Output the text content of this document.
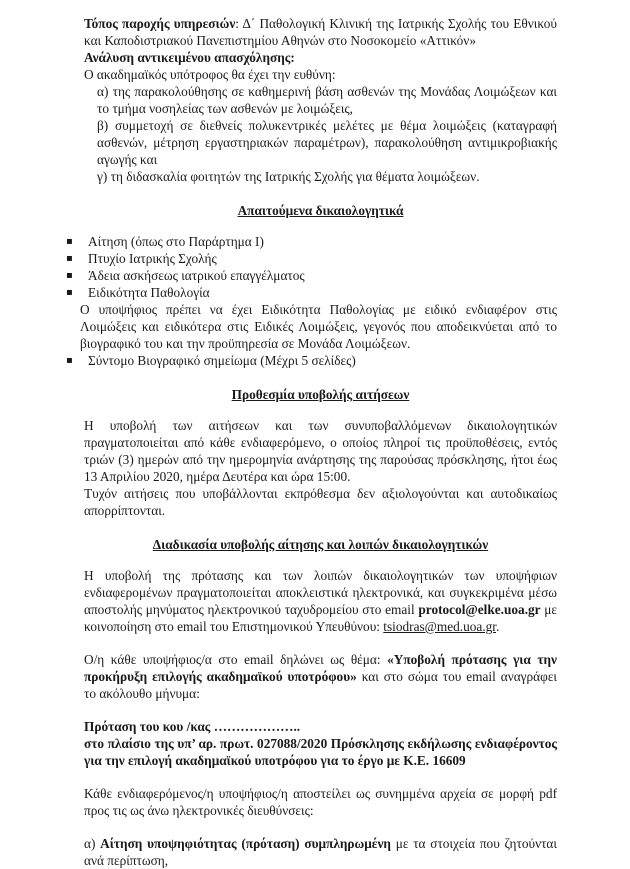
Τόπος παροχής υπηρεσιών: Δ΄ Παθολογική Κλινική της Ιατρικής Σχολής του Εθνικού και Καποδιστριακού Πανεπιστημίου Αθηνών στο Νοσοκομείο «Αττικόν»

Ανάλυση αντικειμένου απασχόλησης:

Ο ακαδημαϊκός υπότροφος θα έχει την ευθύνη:

α) της παρακολούθησης σε καθημερινή βάση ασθενών της Μονάδας Λοιμώξεων και το τμήμα νοσηλείας των ασθενών με λοιμώξεις,

β) συμμετοχή σε διεθνείς πολυκεντρικές μελέτες με θέμα λοιμώξεις (καταγραφή ασθενών, μέτρηση εργαστηριακών παραμέτρων), παρακολούθηση αντιμικροβιακής αγωγής και

γ) τη διδασκαλία φοιτητών της Ιατρικής Σχολής για θέματα λοιμώξεων.

Απαιτούμενα δικαιολογητικά
▪ Αίτηση (όπως στο Παράρτημα Ι)
▪ Πτυχίο Ιατρικής Σχολής
▪ Άδεια ασκήσεως ιατρικού επαγγέλματος
▪ Ειδικότητα Παθολογία
Ο υποψήφιος πρέπει να έχει Ειδικότητα Παθολογίας με ειδικό ενδιαφέρον στις Λοιμώξεις και ειδικότερα στις Ειδικές Λοιμώξεις, γεγονός που αποδεικνύεται από το βιογραφικό του και την προϋπηρεσία σε Μονάδα Λοιμώξεων.
▪ Σύντομο Βιογραφικό σημείωμα (Μέχρι 5 σελίδες)
Προθεσμία υποβολής αιτήσεων

Η υποβολή των αιτήσεων και των συνυποβαλλόμενων δικαιολογητικών πραγματοποιείται από κάθε ενδιαφερόμενο, ο οποίος πληροί τις προϋποθέσεις, εντός τριών (3) ημερών από την ημερομηνία ανάρτησης της παρούσας πρόσκλησης, ήτοι έως 13 Απριλίου 2020, ημέρα Δευτέρα και ώρα 15:00.

Τυχόν αιτήσεις που υποβάλλονται εκπρόθεσμα δεν αξιολογούνται και αυτοδικαίως απορρίπτονται.

Διαδικασία υποβολής αίτησης και λοιπών δικαιολογητικών

Η υποβολή της πρότασης και των λοιπών δικαιολογητικών των υποψήφιων ενδιαφερομένων πραγματοποιείται αποκλειστικά ηλεκτρονικά, και συγκεκριμένα μέσω αποστολής μηνύματος ηλεκτρονικού ταχυδρομείου στο email protocol@elke.uoa.gr με κοινοποίηση στο email του Επιστημονικού Υπευθύνου: tsiodras@med.uoa.gr.

Ο/η κάθε υποψήφιος/α στο email δηλώνει ως θέμα: «Υποβολή πρότασης για την προκήρυξη επιλογής ακαδημαϊκού υποτρόφου» και στο σώμα του email αναγράφει το ακόλουθο μήνυμα:

Πρόταση του κου /κας ………………..

στο πλαίσιο της υπ’ αρ. πρωτ. 027088/2020 Πρόσκλησης εκδήλωσης ενδιαφέροντος για την επιλογή ακαδημαϊκού υποτρόφου για το έργο με Κ.Ε. 16609

Κάθε ενδιαφερόμενος/η υποψήφιος/η αποστείλει ως συνημμένα αρχεία σε μορφή pdf προς τις ως άνω ηλεκτρονικές διευθύνσεις:

α) Αίτηση υποψηφιότητας (πρόταση) συμπληρωμένη με τα στοιχεία που ζητούνται ανά περίπτωση,
